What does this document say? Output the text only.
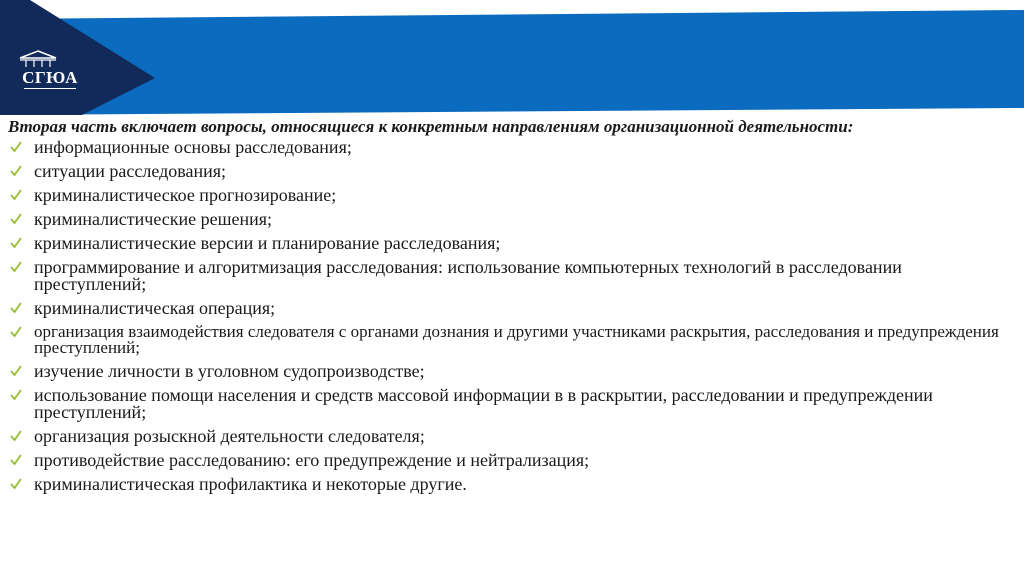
СГЮА

Вторая часть включает вопросы, относящиеся к конкретным направлениям организационной деятельности:

информационные основы расследования;
ситуации расследования;
криминалистическое прогнозирование;
криминалистические решения;
криминалистические версии и планирование расследования;
программирование и алгоритмизация расследования: использование компьютерных технологий в расследовании преступлений;
криминалистическая операция;
организация взаимодействия следователя с органами дознания и другими участниками раскрытия, расследования и предупреждения преступлений;
изучение личности в уголовном судопроизводстве;
использование помощи населения и средств массовой информации в в раскрытии, расследовании и предупреждении преступлений;
организация розыскной деятельности следователя;
противодействие расследованию: его предупреждение и нейтрализация;
криминалистическая профилактика и некоторые другие.
